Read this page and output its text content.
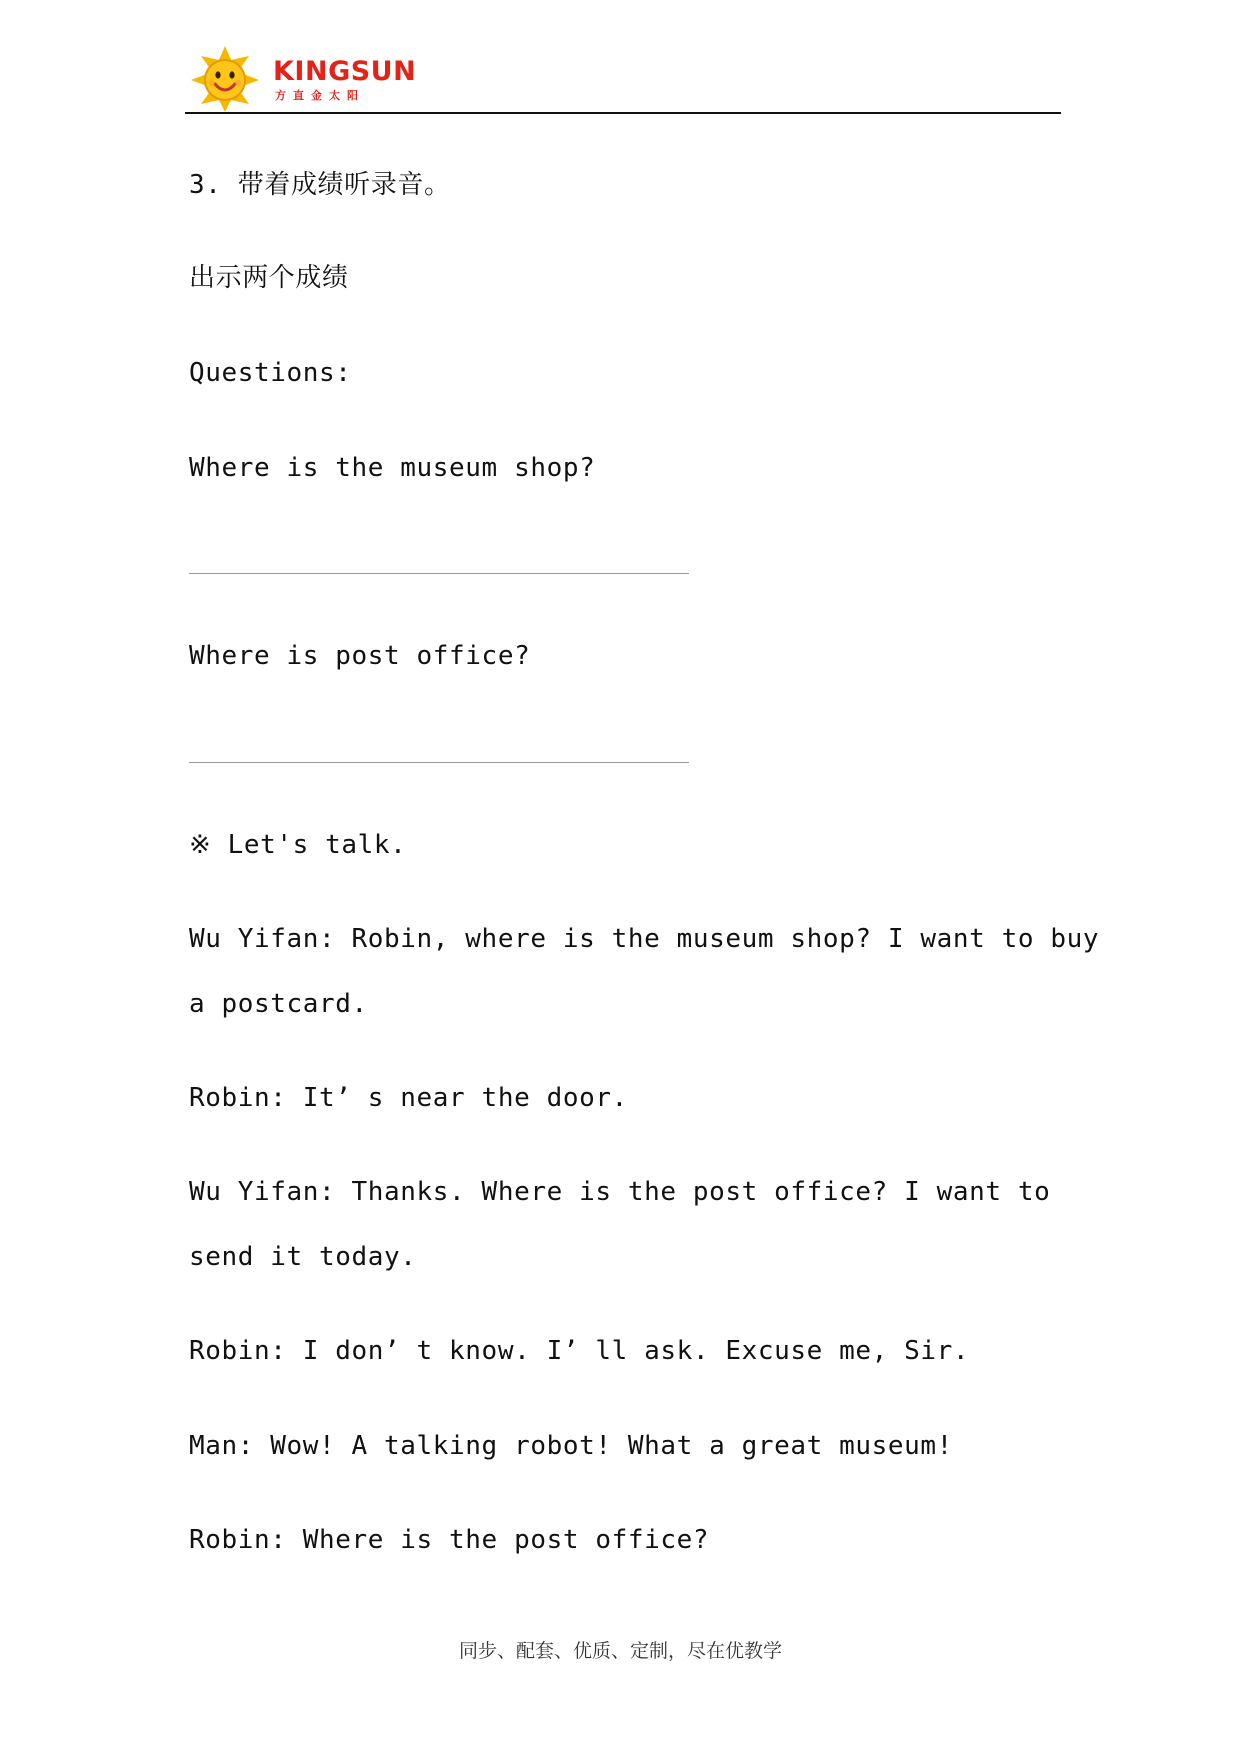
KINGSUN
方直金太阳
3. 带着成绩听录音。
出示两个成绩
Questions:
Where is the museum shop?
Where is post office?
※ Let's talk.
Wu Yifan: Robin, where is the museum shop? I want to buy
a postcard.
Robin: It’ s near the door.
Wu Yifan: Thanks. Where is the post office? I want to
send it today.
Robin: I don’ t know. I’ ll ask. Excuse me, Sir.
Man: Wow! A talking robot! What a great museum!
Robin: Where is the post office?
同步、配套、优质、定制，尽在优教学
